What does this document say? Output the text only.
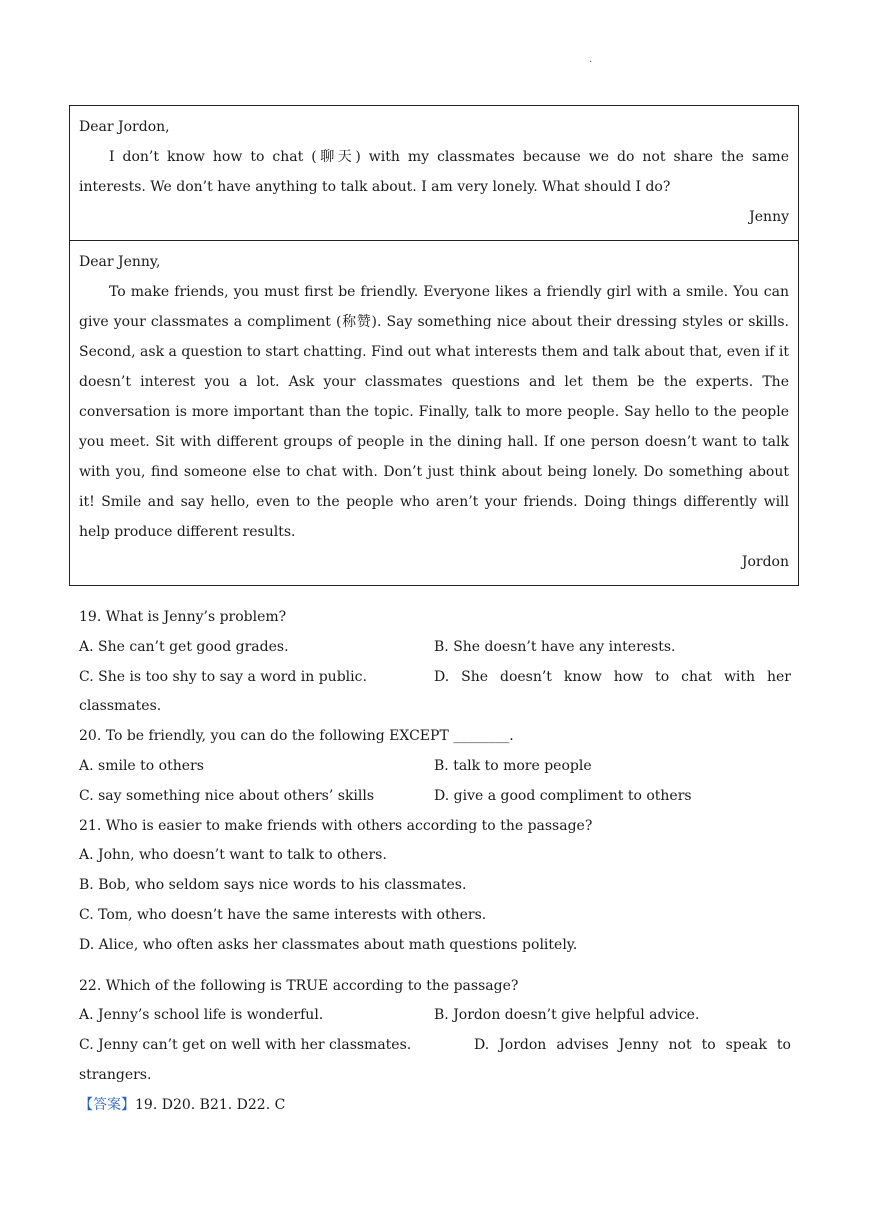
.
Dear Jordon,
I don’t know how to chat (聊天) with my classmates because we do not share the same interests. We don’t have anything to talk about. I am very lonely. What should I do?
Jenny
Dear Jenny,
To make friends, you must first be friendly. Everyone likes a friendly girl with a smile. You can give your classmates a compliment (称赞). Say something nice about their dressing styles or skills. Second, ask a question to start chatting. Find out what interests them and talk about that, even if it doesn’t interest you a lot. Ask your classmates questions and let them be the experts. The conversation is more important than the topic. Finally, talk to more people. Say hello to the people you meet. Sit with different groups of people in the dining hall. If one person doesn’t want to talk with you, find someone else to chat with. Don’t just think about being lonely. Do something about it! Smile and say hello, even to the people who aren’t your friends. Doing things differently will help produce different results.
Jordon
19. What is Jenny’s problem?
A. She can’t get good grades.	B. She doesn’t have any interests.
C. She is too shy to say a word in public.	D. She doesn’t know how to chat with her classmates.
20. To be friendly, you can do the following EXCEPT ________.
A. smile to others	B. talk to more people
C. say something nice about others’ skills	D. give a good compliment to others
21. Who is easier to make friends with others according to the passage?
A. John, who doesn’t want to talk to others.
B. Bob, who seldom says nice words to his classmates.
C. Tom, who doesn’t have the same interests with others.
D. Alice, who often asks her classmates about math questions politely.
22. Which of the following is TRUE according to the passage?
A. Jenny’s school life is wonderful.	B. Jordon doesn’t give helpful advice.
C. Jenny can’t get on well with her classmates.	D. Jordon advises Jenny not to speak to strangers.
【答案】19. D20. B21. D22. C
